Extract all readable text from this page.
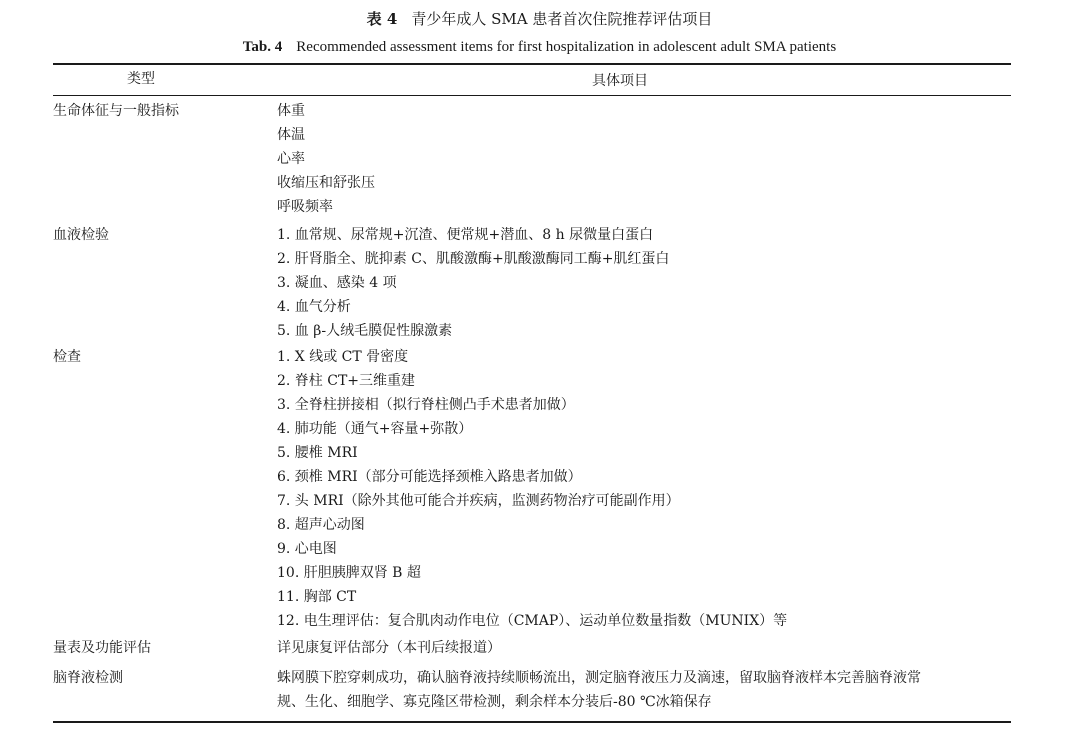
表 4 青少年成人 SMA 患者首次住院推荐评估项目
Tab. 4 Recommended assessment items for first hospitalization in adolescent adult SMA patients
类型	具体项目
生命体征与一般指标	体重
体温
心率
收缩压和舒张压
呼吸频率
血液检验	1. 血常规、尿常规+沉渣、便常规+潜血、8 h 尿微量白蛋白
2. 肝肾脂全、胱抑素 C、肌酸激酶+肌酸激酶同工酶+肌红蛋白
3. 凝血、感染 4 项
4. 血气分析
5. 血 β-人绒毛膜促性腺激素
检查	1. X 线或 CT 骨密度
2. 脊柱 CT+三维重建
3. 全脊柱拼接相（拟行脊柱侧凸手术患者加做）
4. 肺功能（通气+容量+弥散）
5. 腰椎 MRI
6. 颈椎 MRI（部分可能选择颈椎入路患者加做）
7. 头 MRI（除外其他可能合并疾病，监测药物治疗可能副作用）
8. 超声心动图
9. 心电图
10. 肝胆胰脾双肾 B 超
11. 胸部 CT
12. 电生理评估：复合肌肉动作电位（CMAP）、运动单位数量指数（MUNIX）等
量表及功能评估	详见康复评估部分（本刊后续报道）
脑脊液检测	蛛网膜下腔穿刺成功，确认脑脊液持续顺畅流出，测定脑脊液压力及滴速，留取脑脊液样本完善脑脊液常
规、生化、细胞学、寡克隆区带检测，剩余样本分装后-80 ℃冰箱保存
